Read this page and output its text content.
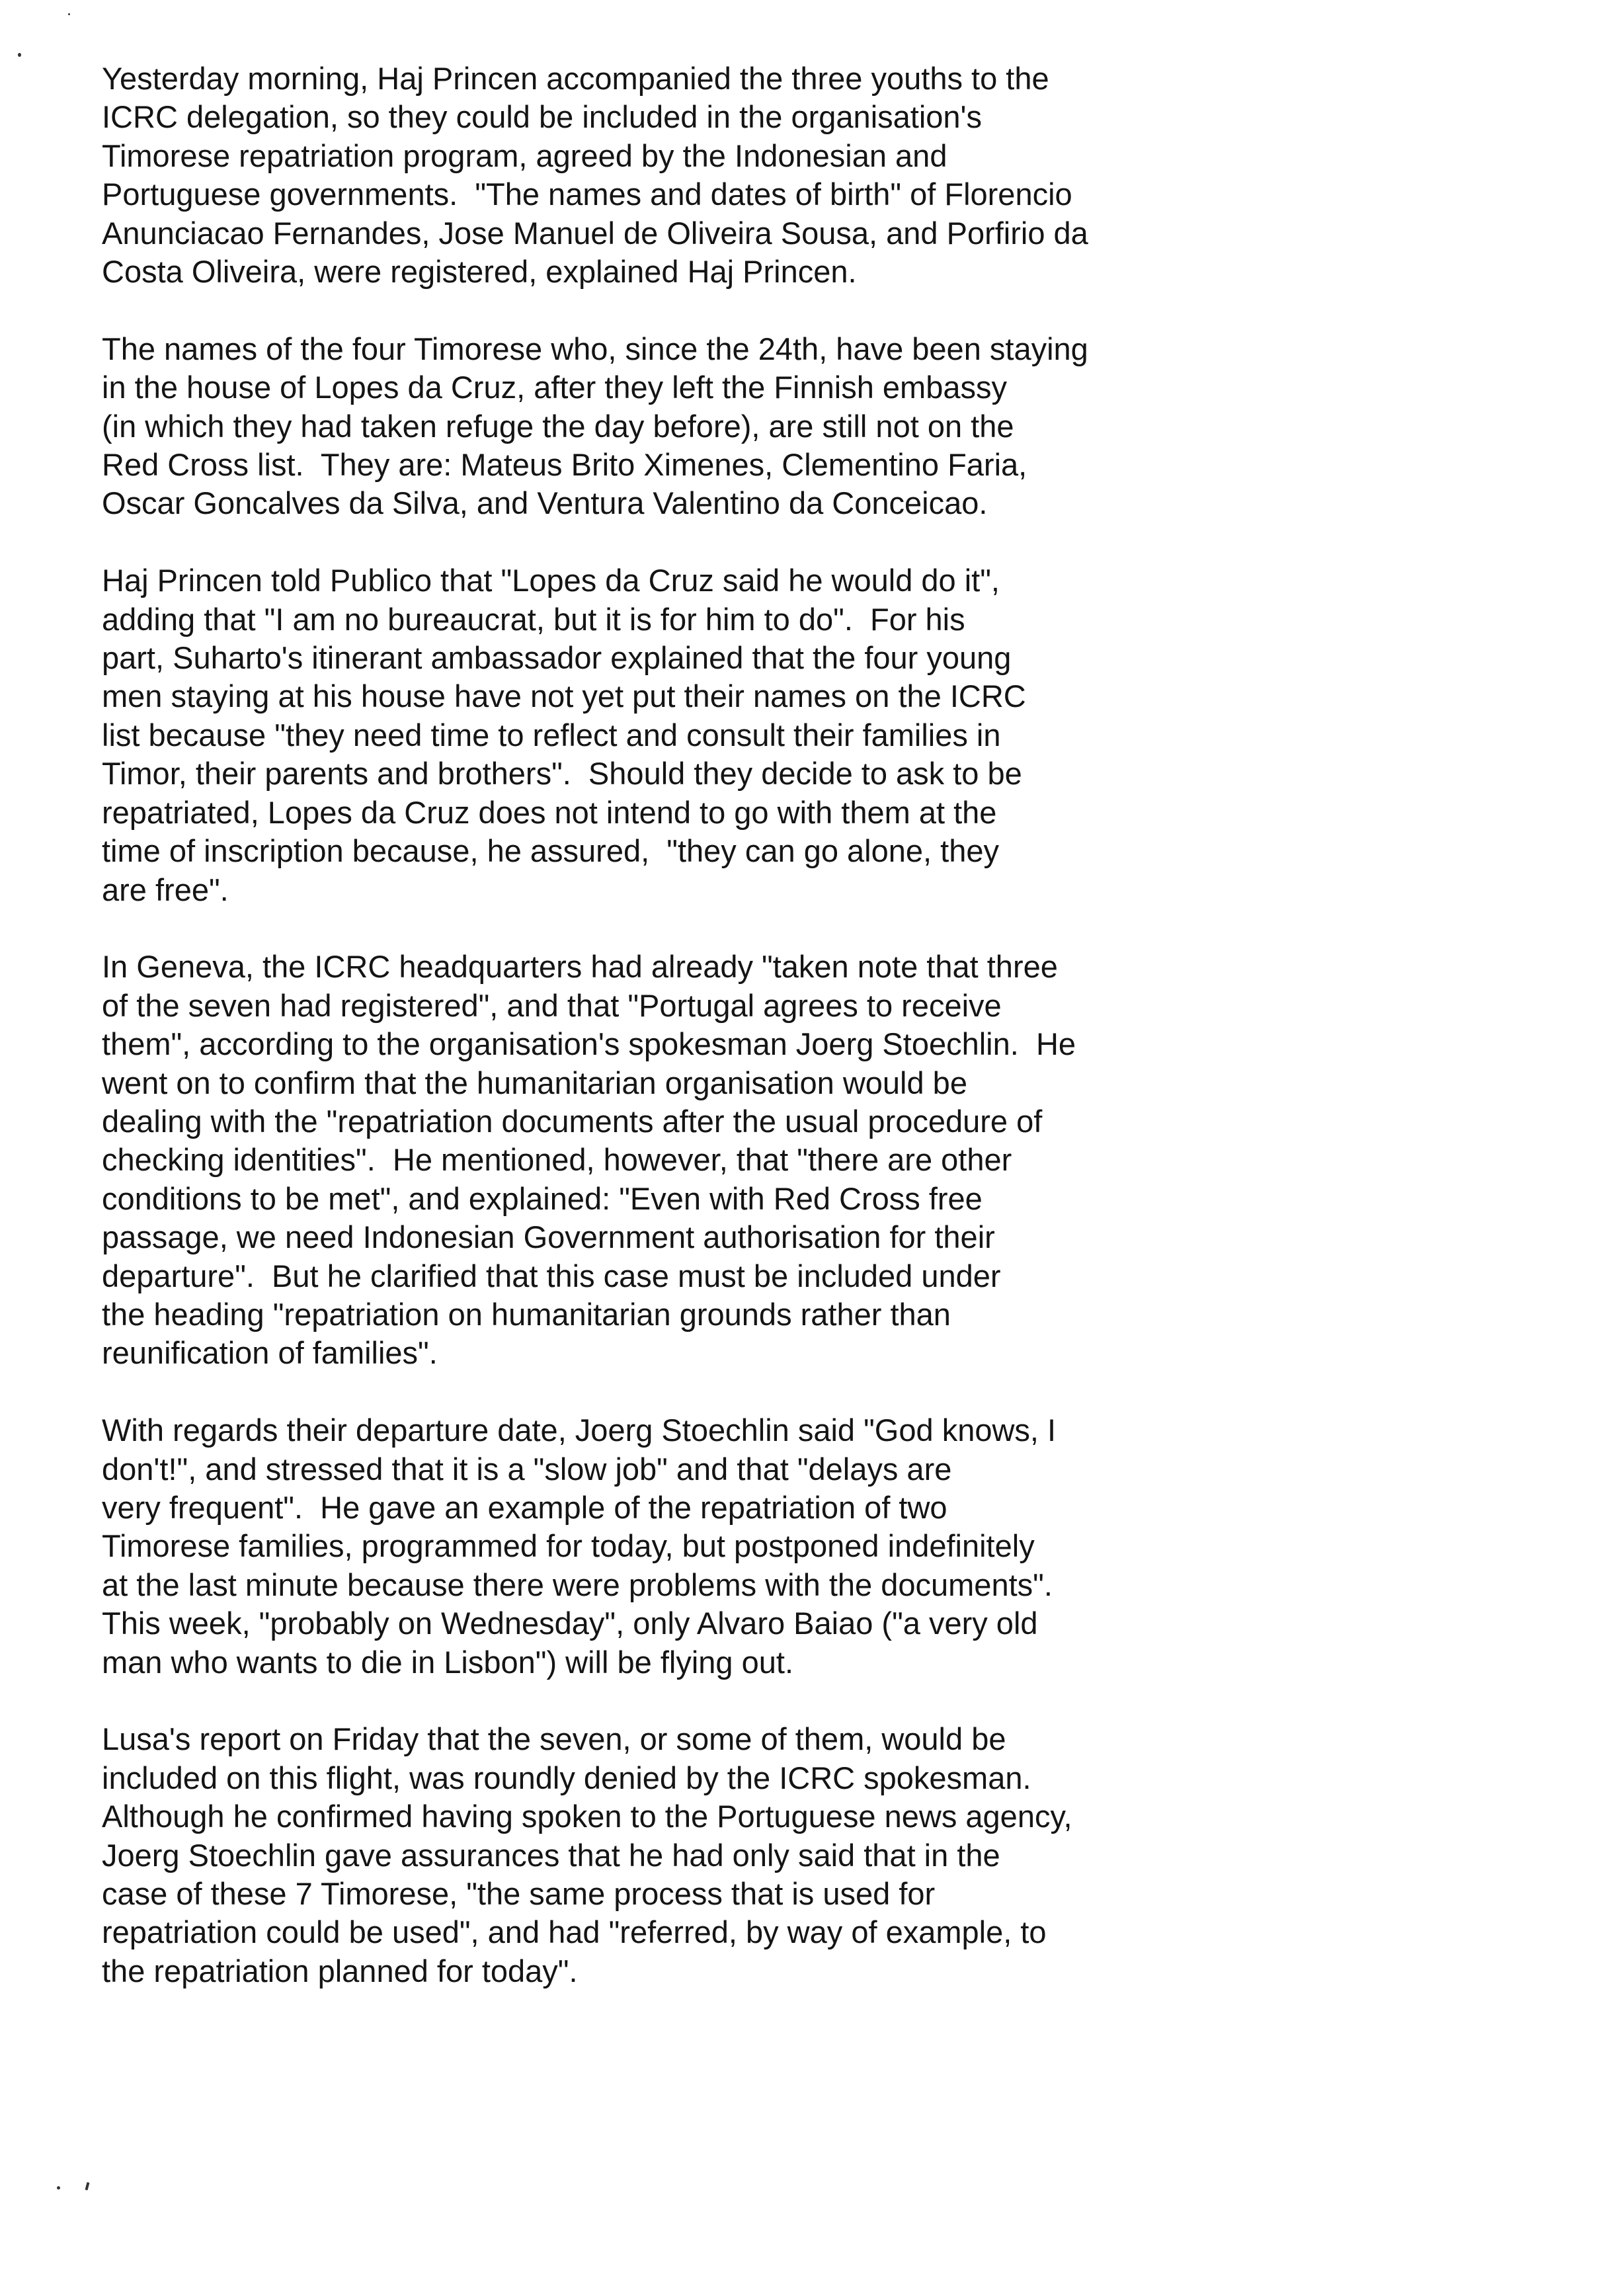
Yesterday morning, Haj Princen accompanied the three youths to the
ICRC delegation, so they could be included in the organisation's
Timorese repatriation program, agreed by the Indonesian and
Portuguese governments.  "The names and dates of birth" of Florencio
Anunciacao Fernandes, Jose Manuel de Oliveira Sousa, and Porfirio da
Costa Oliveira, were registered, explained Haj Princen.
The names of the four Timorese who, since the 24th, have been staying
in the house of Lopes da Cruz, after they left the Finnish embassy
(in which they had taken refuge the day before), are still not on the
Red Cross list.  They are: Mateus Brito Ximenes, Clementino Faria,
Oscar Goncalves da Silva, and Ventura Valentino da Conceicao.
Haj Princen told Publico that "Lopes da Cruz said he would do it",
adding that "I am no bureaucrat, but it is for him to do".  For his
part, Suharto's itinerant ambassador explained that the four young
men staying at his house have not yet put their names on the ICRC
list because "they need time to reflect and consult their families in
Timor, their parents and brothers".  Should they decide to ask to be
repatriated, Lopes da Cruz does not intend to go with them at the
time of inscription because, he assured,  "they can go alone, they
are free".
In Geneva, the ICRC headquarters had already "taken note that three
of the seven had registered", and that "Portugal agrees to receive
them", according to the organisation's spokesman Joerg Stoechlin.  He
went on to confirm that the humanitarian organisation would be
dealing with the "repatriation documents after the usual procedure of
checking identities".  He mentioned, however, that "there are other
conditions to be met", and explained: "Even with Red Cross free
passage, we need Indonesian Government authorisation for their
departure".  But he clarified that this case must be included under
the heading "repatriation on humanitarian grounds rather than
reunification of families".
With regards their departure date, Joerg Stoechlin said "God knows, I
don't!", and stressed that it is a "slow job" and that "delays are
very frequent".  He gave an example of the repatriation of two
Timorese families, programmed for today, but postponed indefinitely
at the last minute because there were problems with the documents".
This week, "probably on Wednesday", only Alvaro Baiao ("a very old
man who wants to die in Lisbon") will be flying out.
Lusa's report on Friday that the seven, or some of them, would be
included on this flight, was roundly denied by the ICRC spokesman.
Although he confirmed having spoken to the Portuguese news agency,
Joerg Stoechlin gave assurances that he had only said that in the
case of these 7 Timorese, "the same process that is used for
repatriation could be used", and had "referred, by way of example, to
the repatriation planned for today".
